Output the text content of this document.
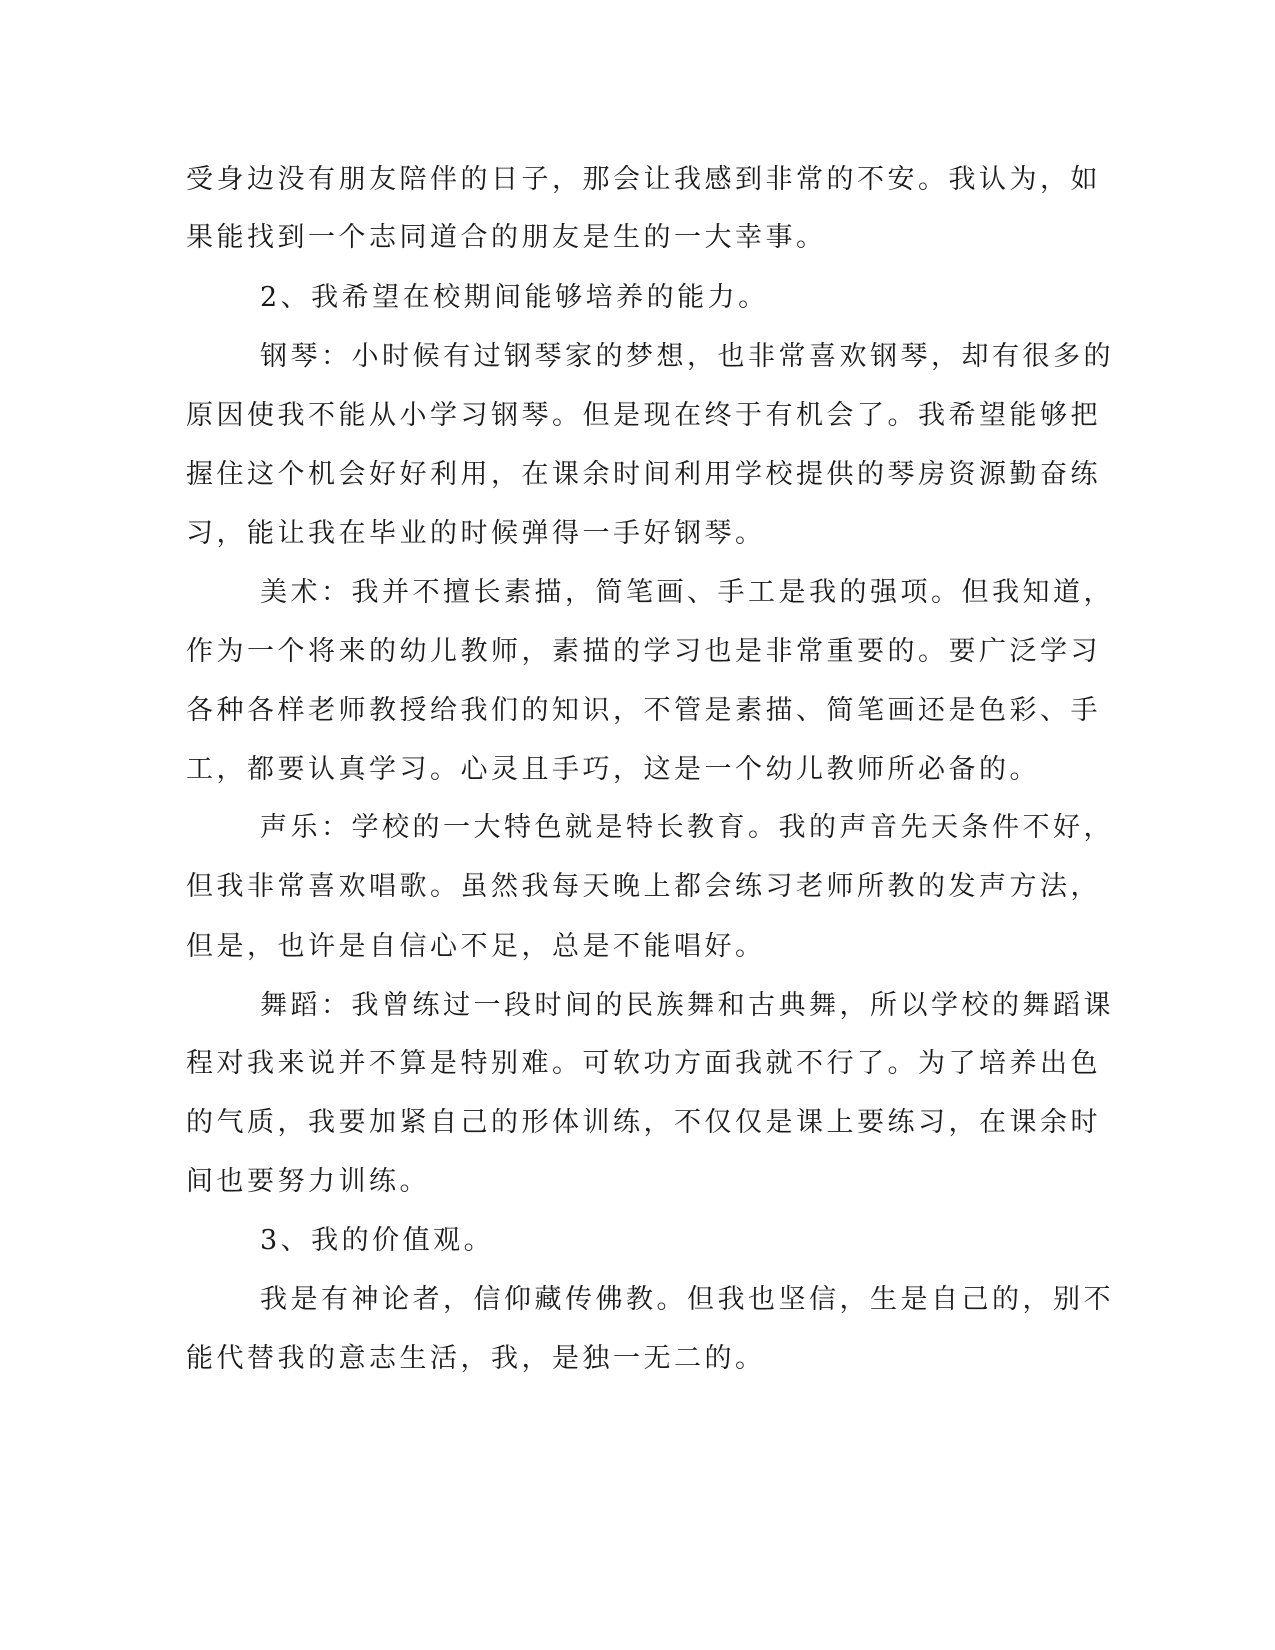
受身边没有朋友陪伴的日子，那会让我感到非常的不安。我认为，如
果能找到一个志同道合的朋友是生的一大幸事。
2、我希望在校期间能够培养的能力。
钢琴：小时候有过钢琴家的梦想，也非常喜欢钢琴，却有很多的
原因使我不能从小学习钢琴。但是现在终于有机会了。我希望能够把
握住这个机会好好利用，在课余时间利用学校提供的琴房资源勤奋练
习，能让我在毕业的时候弹得一手好钢琴。
美术：我并不擅长素描，简笔画、手工是我的强项。但我知道，
作为一个将来的幼儿教师，素描的学习也是非常重要的。要广泛学习
各种各样老师教授给我们的知识，不管是素描、简笔画还是色彩、手
工，都要认真学习。心灵且手巧，这是一个幼儿教师所必备的。
声乐：学校的一大特色就是特长教育。我的声音先天条件不好，
但我非常喜欢唱歌。虽然我每天晚上都会练习老师所教的发声方法，
但是，也许是自信心不足，总是不能唱好。
舞蹈：我曾练过一段时间的民族舞和古典舞，所以学校的舞蹈课
程对我来说并不算是特别难。可软功方面我就不行了。为了培养出色
的气质，我要加紧自己的形体训练，不仅仅是课上要练习，在课余时
间也要努力训练。
3、我的价值观。
我是有神论者，信仰藏传佛教。但我也坚信，生是自己的，别不
能代替我的意志生活，我，是独一无二的。
